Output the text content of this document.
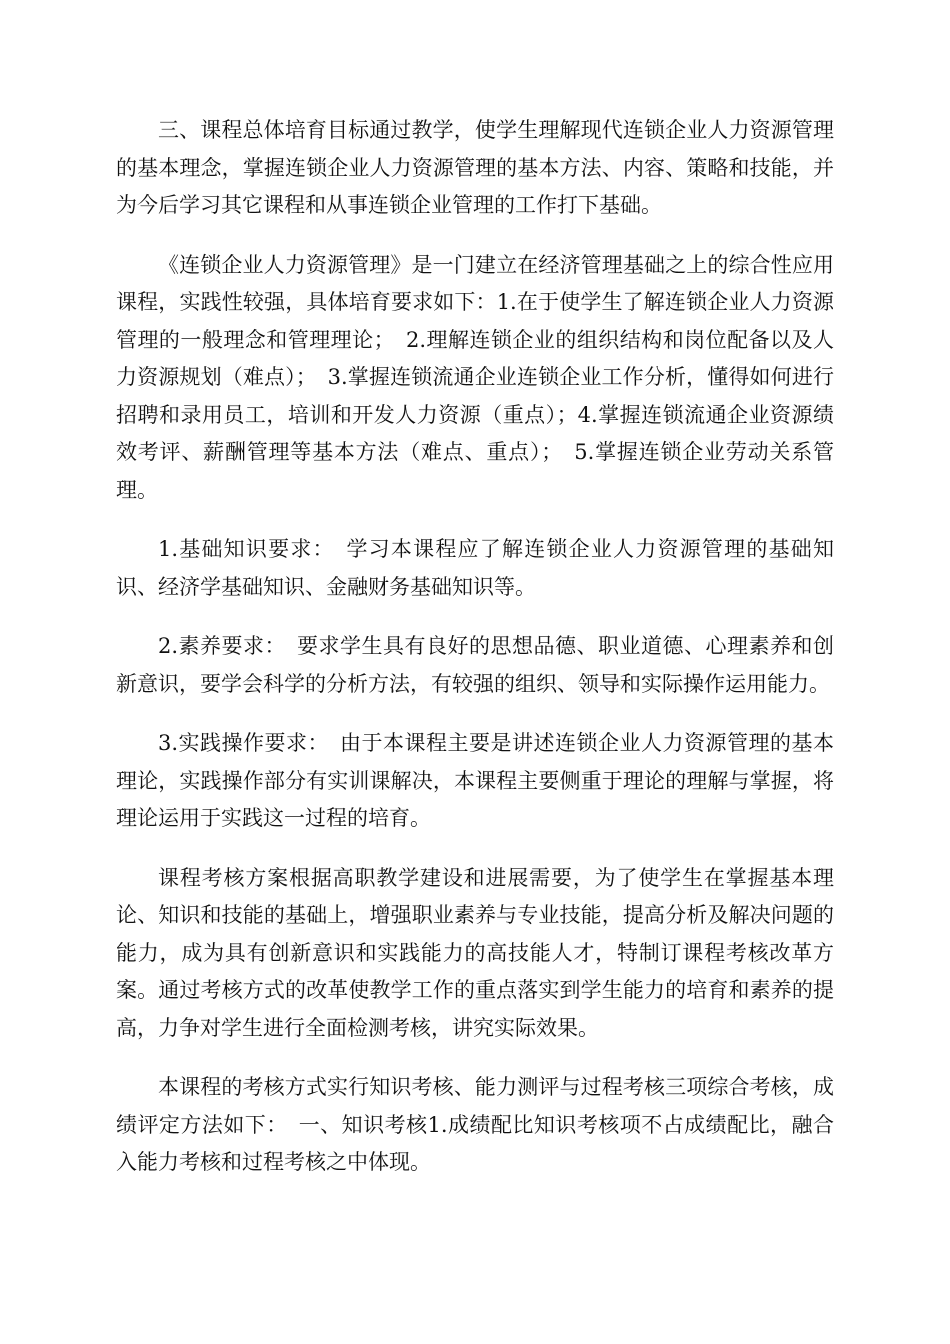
三、课程总体培育目标通过教学，使学生理解现代连锁企业人力资源管理的基本理念，掌握连锁企业人力资源管理的基本方法、内容、策略和技能，并为今后学习其它课程和从事连锁企业管理的工作打下基础。

《连锁企业人力资源管理》是一门建立在经济管理基础之上的综合性应用课程，实践性较强，具体培育要求如下：1.在于使学生了解连锁企业人力资源管理的一般理念和管理理论；　2.理解连锁企业的组织结构和岗位配备以及人力资源规划（难点）；　3.掌握连锁流通企业连锁企业工作分析，懂得如何进行招聘和录用员工，培训和开发人力资源（重点）；4.掌握连锁流通企业资源绩效考评、薪酬管理等基本方法（难点、重点）；　5.掌握连锁企业劳动关系管理。

1.基础知识要求：　学习本课程应了解连锁企业人力资源管理的基础知识、经济学基础知识、金融财务基础知识等。

2.素养要求：　要求学生具有良好的思想品德、职业道德、心理素养和创新意识，要学会科学的分析方法，有较强的组织、领导和实际操作运用能力。

3.实践操作要求：　由于本课程主要是讲述连锁企业人力资源管理的基本理论，实践操作部分有实训课解决，本课程主要侧重于理论的理解与掌握，将理论运用于实践这一过程的培育。

课程考核方案根据高职教学建设和进展需要，为了使学生在掌握基本理论、知识和技能的基础上，增强职业素养与专业技能，提高分析及解决问题的能力，成为具有创新意识和实践能力的高技能人才，特制订课程考核改革方案。通过考核方式的改革使教学工作的重点落实到学生能力的培育和素养的提高，力争对学生进行全面检测考核，讲究实际效果。

本课程的考核方式实行知识考核、能力测评与过程考核三项综合考核，成绩评定方法如下：　一、知识考核1.成绩配比知识考核项不占成绩配比，融合入能力考核和过程考核之中体现。
